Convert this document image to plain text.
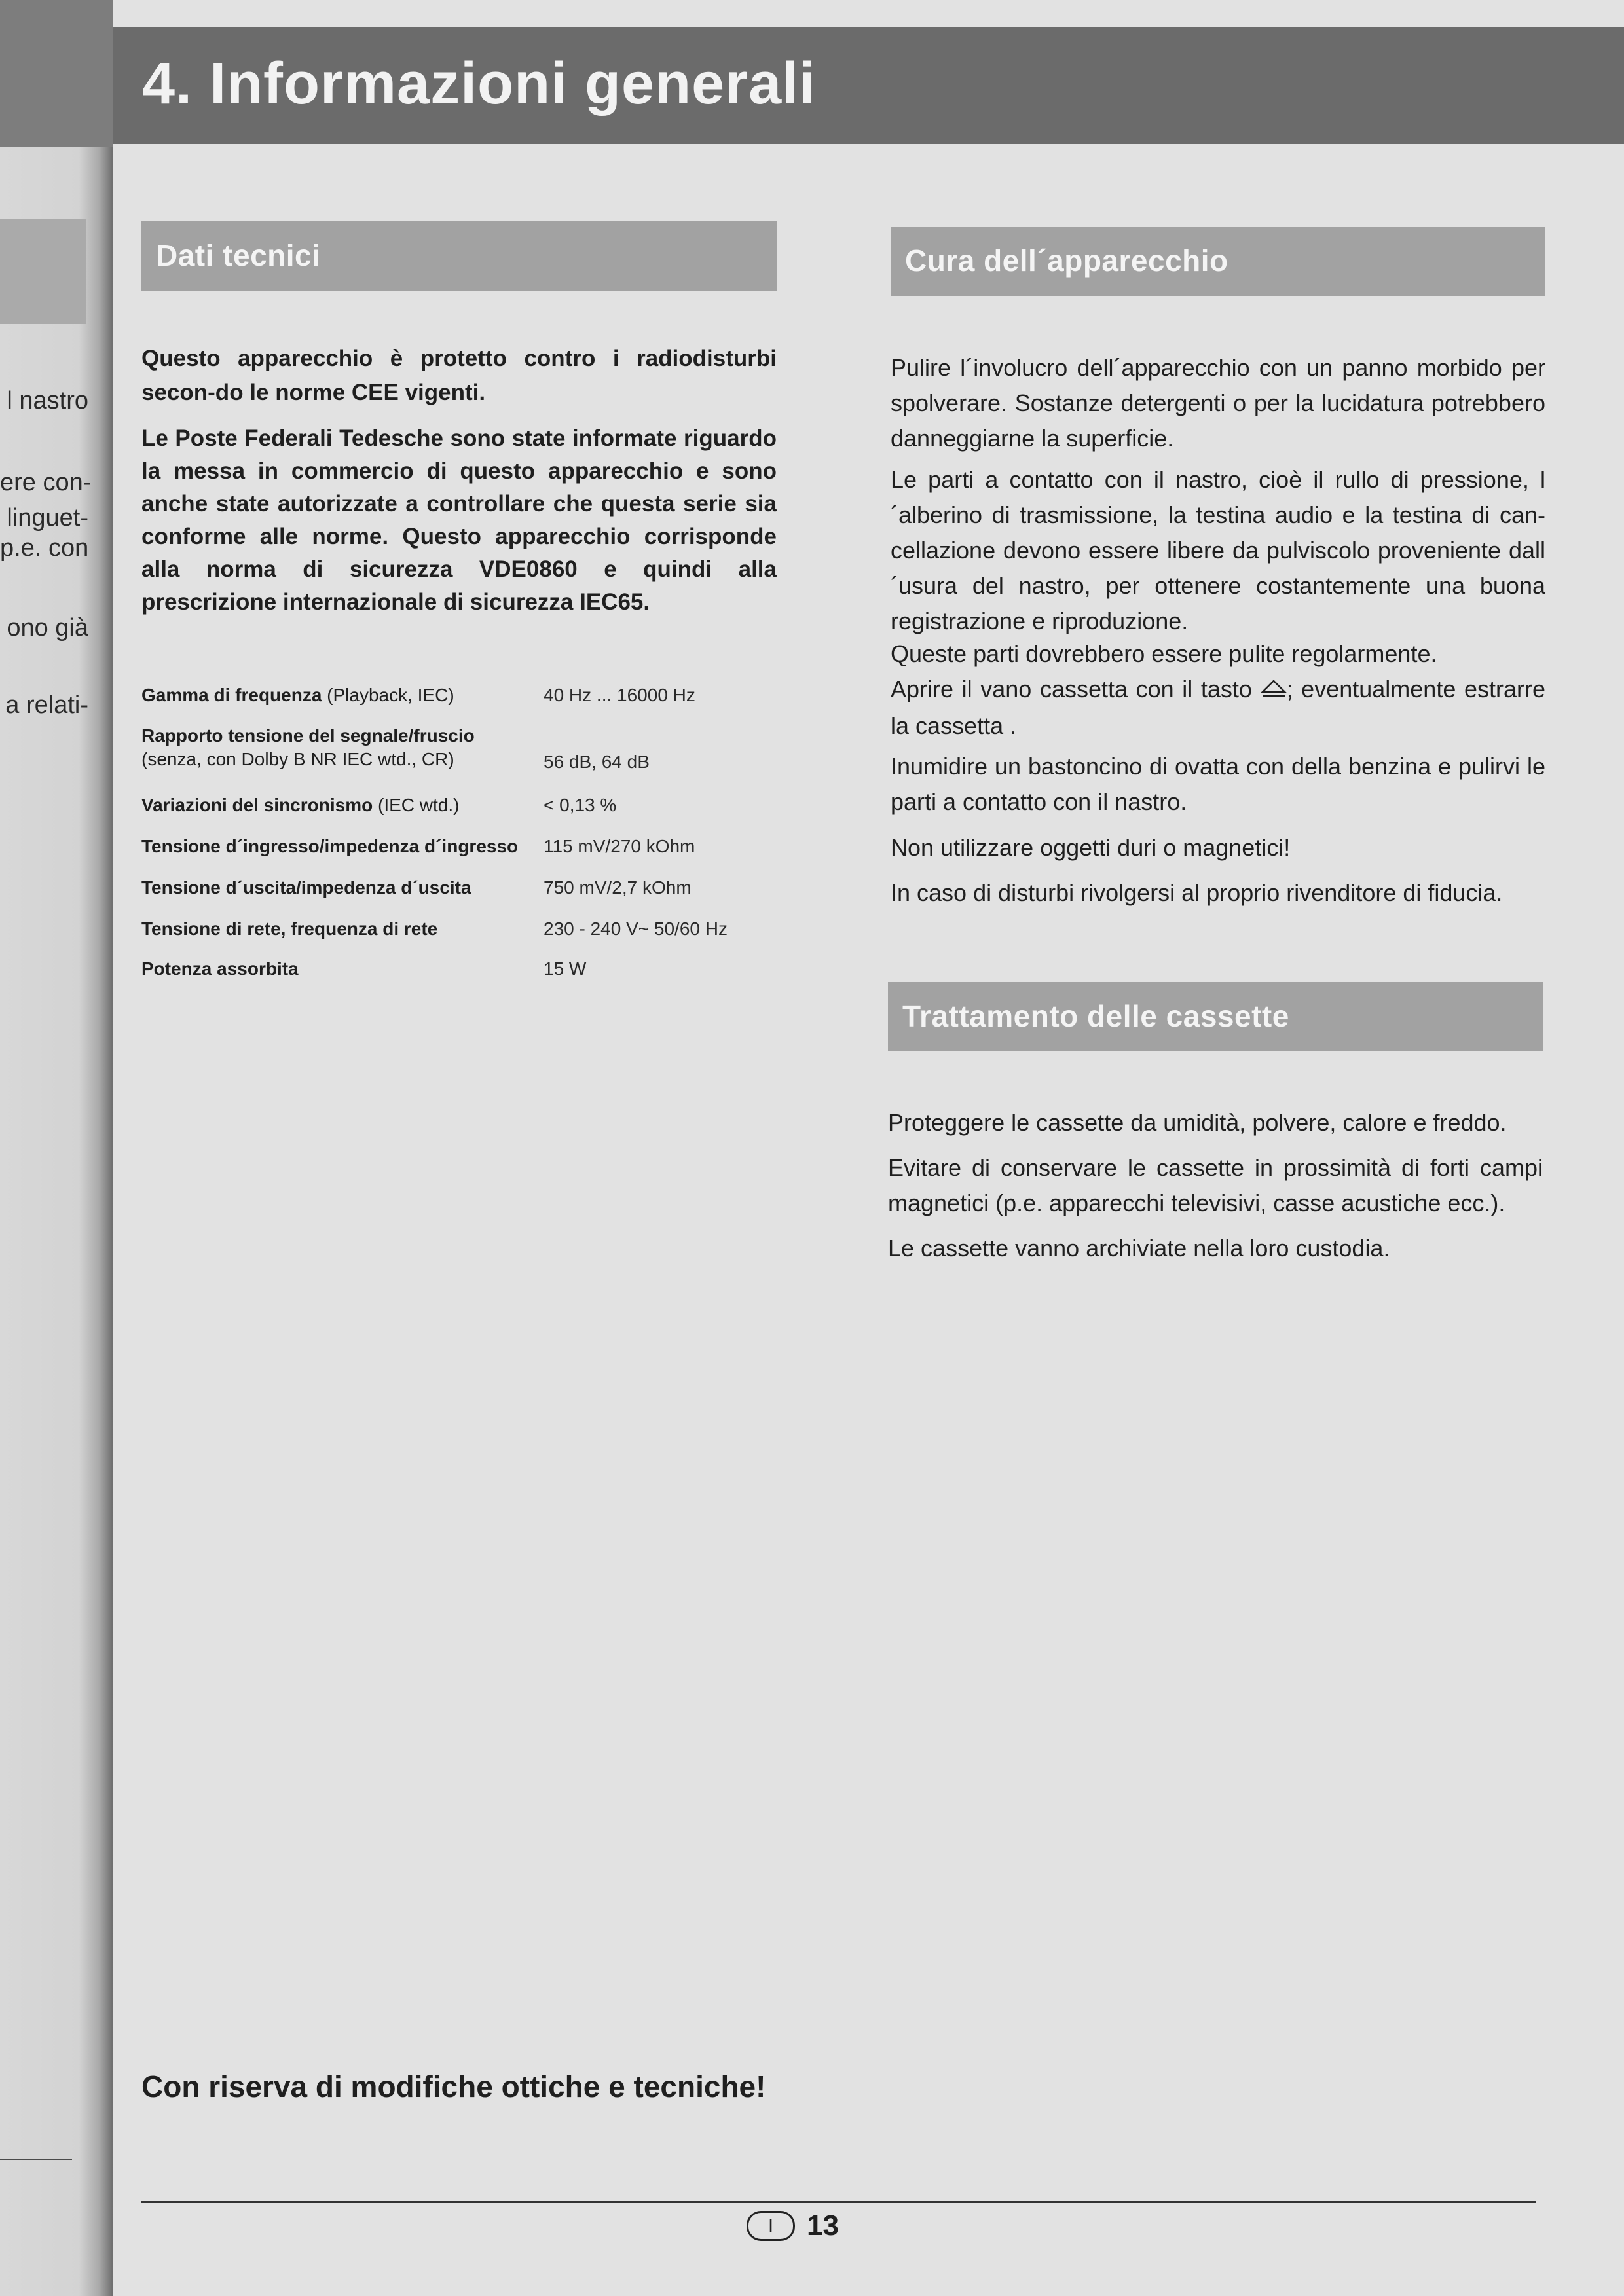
l nastro
ere con-
linguet-
p.e. con
ono già
a relati-
4. Informazioni generali
Dati tecnici
Questo apparecchio è protetto contro i radiodisturbi secon-do le norme CEE vigenti.
Le Poste Federali Tedesche sono state informate riguardo la messa in commercio di questo apparecchio e sono anche state autorizzate a controllare che questa serie sia conforme alle norme. Questo apparecchio corrisponde alla norma di sicurezza VDE0860 e quindi alla prescrizione internazionale di sicurezza IEC65.
Gamma di frequenza (Playback, IEC)	40 Hz ... 16000 Hz
Rapporto tensione del segnale/fruscio
(senza, con Dolby B NR IEC wtd., CR)	56 dB, 64 dB
Variazioni del sincronismo (IEC wtd.)	< 0,13 %
Tensione d´ingresso/impedenza d´ingresso 115 mV/270 kOhm
Tensione d´uscita/impedenza d´uscita	750 mV/2,7 kOhm
Tensione di rete, frequenza di rete	230 - 240 V~ 50/60 Hz
Potenza assorbita	15 W
Cura dell´apparecchio
Pulire l´involucro dell´apparecchio con un panno morbido per spolverare. Sostanze detergenti o per la lucidatura potrebbero danneggiarne la superficie.
Le parti a contatto con il nastro, cioè il rullo di pressione, l´alberino di trasmissione, la testina audio e la testina di can-cellazione devono essere libere da pulviscolo proveniente dall´usura del nastro, per ottenere costantemente una buona registrazione e riproduzione.
Queste parti dovrebbero essere pulite regolarmente.
Aprire il vano cassetta con il tasto ; eventualmente estrarre la cassetta .
Inumidire un bastoncino di ovatta con della benzina e pulirvi le parti a contatto con il nastro.
Non utilizzare oggetti duri o magnetici!
In caso di disturbi rivolgersi al proprio rivenditore di fiducia.
Trattamento delle cassette
Proteggere le cassette da umidità, polvere, calore e freddo.
Evitare di conservare le cassette in prossimità di forti campi magnetici (p.e. apparecchi televisivi, casse acustiche ecc.).
Le cassette vanno archiviate nella loro custodia.
Con riserva di modifiche ottiche e tecniche!
I	13
